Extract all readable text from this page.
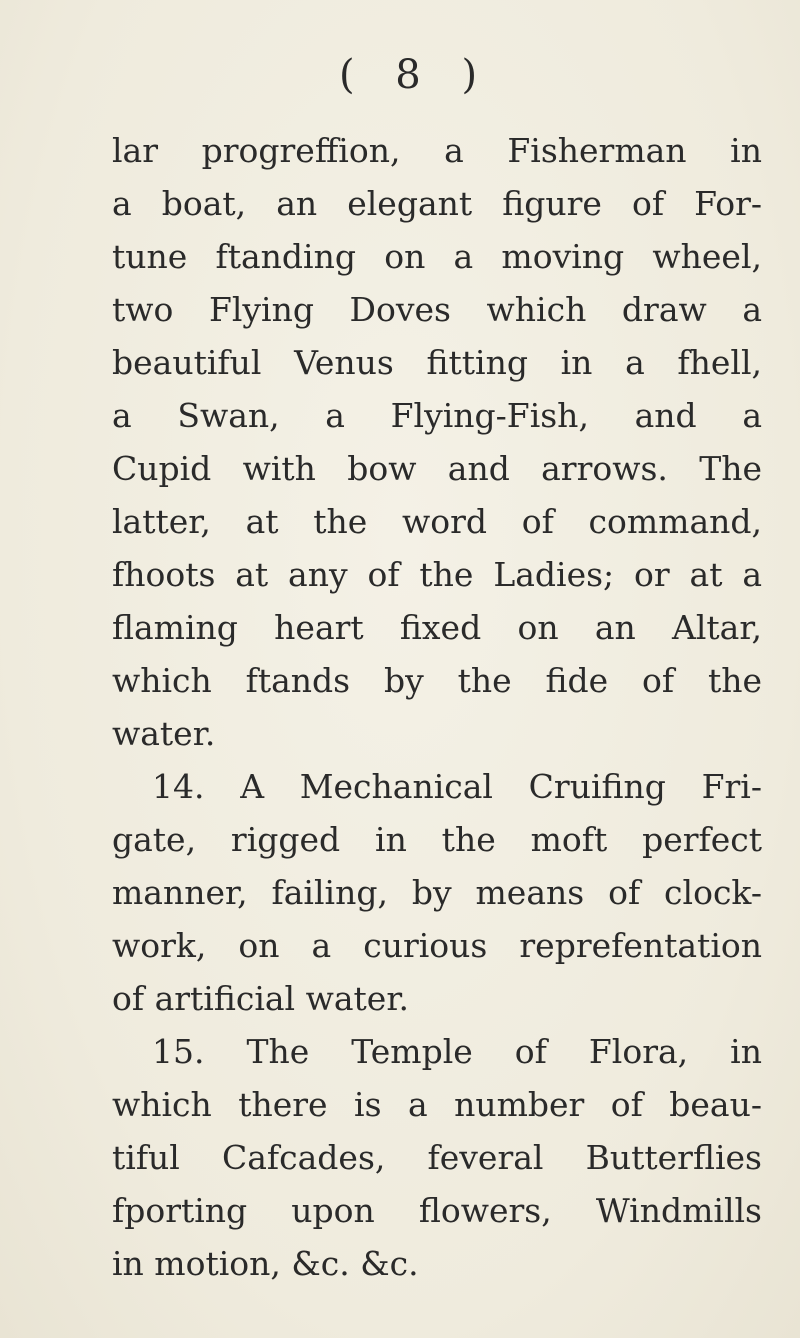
( 8 )
lar progreffion, a Fisherman in
a boat, an elegant figure of For-
tune ftanding on a moving wheel,
two Flying Doves which draw a
beautiful Venus fitting in a fhell,
a Swan, a Flying-Fish, and a
Cupid with bow and arrows. The
latter, at the word of command,
fhoots at any of the Ladies; or at a
flaming heart fixed on an Altar,
which ftands by the fide of the
water.
14. A Mechanical Cruifing Fri-
gate, rigged in the moft perfect
manner, failing, by means of clock-
work, on a curious reprefentation
of artificial water.
15. The Temple of Flora, in
which there is a number of beau-
tiful Cafcades, feveral Butterflies
fporting upon flowers, Windmills
in motion, &c. &c.
